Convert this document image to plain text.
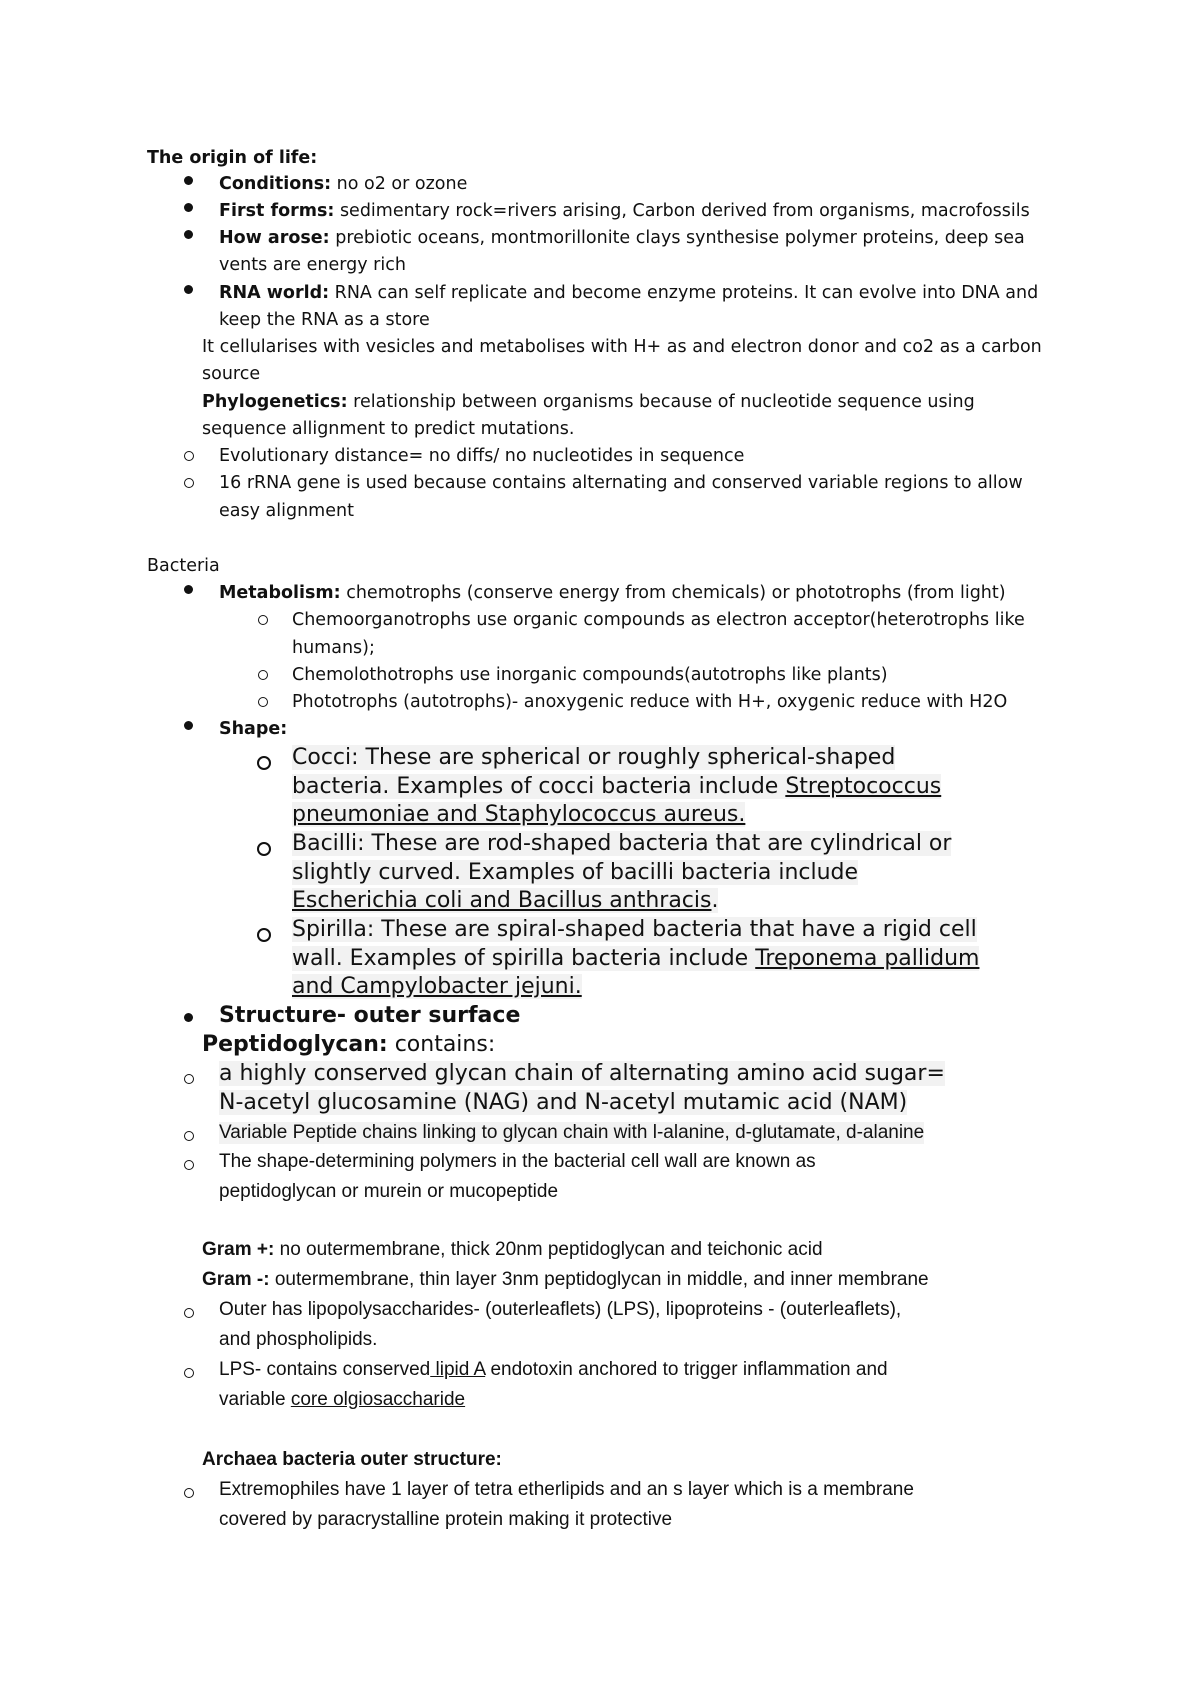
The origin of life:
Conditions: no o2 or ozone
First forms: sedimentary rock=rivers arising, Carbon derived from organisms, macrofossils
How arose: prebiotic oceans, montmorillonite clays synthesise polymer proteins, deep sea
vents are energy rich
RNA world: RNA can self replicate and become enzyme proteins. It can evolve into DNA and
keep the RNA as a store
It cellularises with vesicles and metabolises with H+ as and electron donor and co2 as a carbon
source
Phylogenetics: relationship between organisms because of nucleotide sequence using
sequence allignment to predict mutations.
Evolutionary distance= no diffs/ no nucleotides in sequence
16 rRNA gene is used because contains alternating and conserved variable regions to allow
easy alignment
Bacteria
Metabolism: chemotrophs (conserve energy from chemicals) or phototrophs (from light)
Chemoorganotrophs use organic compounds as electron acceptor(heterotrophs like
humans);
Chemolothotrophs use inorganic compounds(autotrophs like plants)
Phototrophs (autotrophs)- anoxygenic reduce with H+, oxygenic reduce with H2O
Shape:
Cocci: These are spherical or roughly spherical-shaped
bacteria. Examples of cocci bacteria include Streptococcus
pneumoniae and Staphylococcus aureus.
Bacilli: These are rod-shaped bacteria that are cylindrical or
slightly curved. Examples of bacilli bacteria include
Escherichia coli and Bacillus anthracis.
Spirilla: These are spiral-shaped bacteria that have a rigid cell
wall. Examples of spirilla bacteria include Treponema pallidum
and Campylobacter jejuni.
Structure- outer surface
Peptidoglycan: contains:
a highly conserved glycan chain of alternating amino acid sugar=
N-acetyl glucosamine (NAG) and N-acetyl mutamic acid (NAM)
Variable Peptide chains linking to glycan chain with l-alanine, d-glutamate, d-alanine
The shape-determining polymers in the bacterial cell wall are known as
peptidoglycan or murein or mucopeptide
Gram +: no outermembrane, thick 20nm peptidoglycan and teichonic acid
Gram -: outermembrane, thin layer 3nm peptidoglycan in middle, and inner membrane
Outer has lipopolysaccharides- (outerleaflets) (LPS), lipoproteins - (outerleaflets),
and phospholipids.
LPS- contains conserved lipid A endotoxin anchored to trigger inflammation and
variable core olgiosaccharide
Archaea bacteria outer structure:
Extremophiles have 1 layer of tetra etherlipids and an s layer which is a membrane
covered by paracrystalline protein making it protective
